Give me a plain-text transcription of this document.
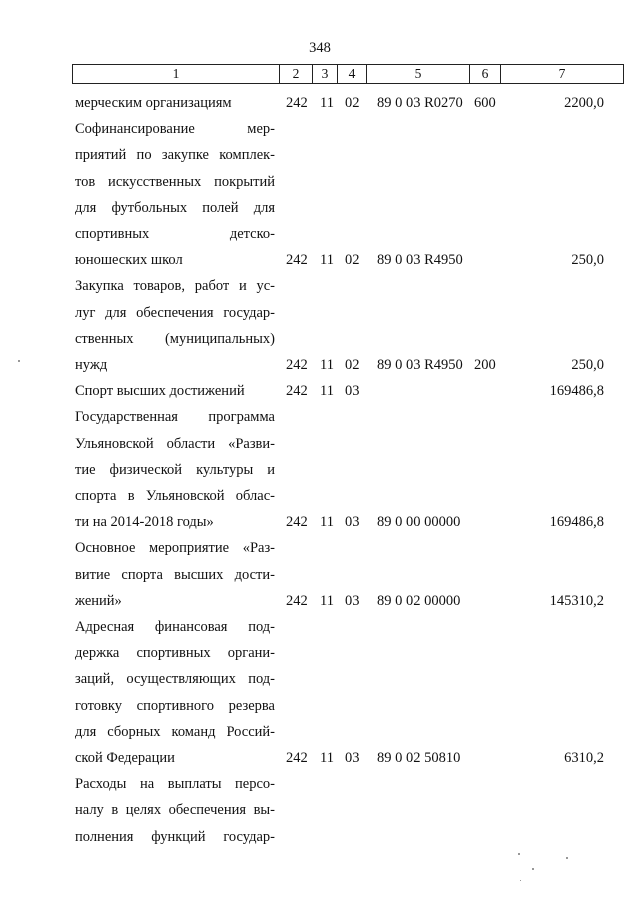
348
1	2	3	4	5	6	7
мерческим организациям	242 11 02 89 0 03 R0270 600	2200,0
Софинансирование мер-
приятий по закупке комплек-
тов искусственных покрытий
для футбольных полей для
спортивных детско-
юношеских школ	242 11 02 89 0 03 R4950	250,0
Закупка товаров, работ и ус-
луг для обеспечения государ-
ственных (муниципальных)
нужд	242 11 02 89 0 03 R4950 200	250,0
Спорт высших достижений	242 11 03	169486,8
Государственная программа
Ульяновской области «Разви-
тие физической культуры и
спорта в Ульяновской облас-
ти на 2014-2018 годы»	242 11 03 89 0 00 00000	169486,8
Основное мероприятие «Раз-
витие спорта высших дости-
жений»	242 11 03 89 0 02 00000	145310,2
Адресная финансовая под-
держка спортивных органи-
заций, осуществляющих под-
готовку спортивного резерва
для сборных команд Россий-
ской Федерации	242 11 03 89 0 02 50810	6310,2
Расходы на выплаты персо-
налу в целях обеспечения вы-
полнения функций государ-
